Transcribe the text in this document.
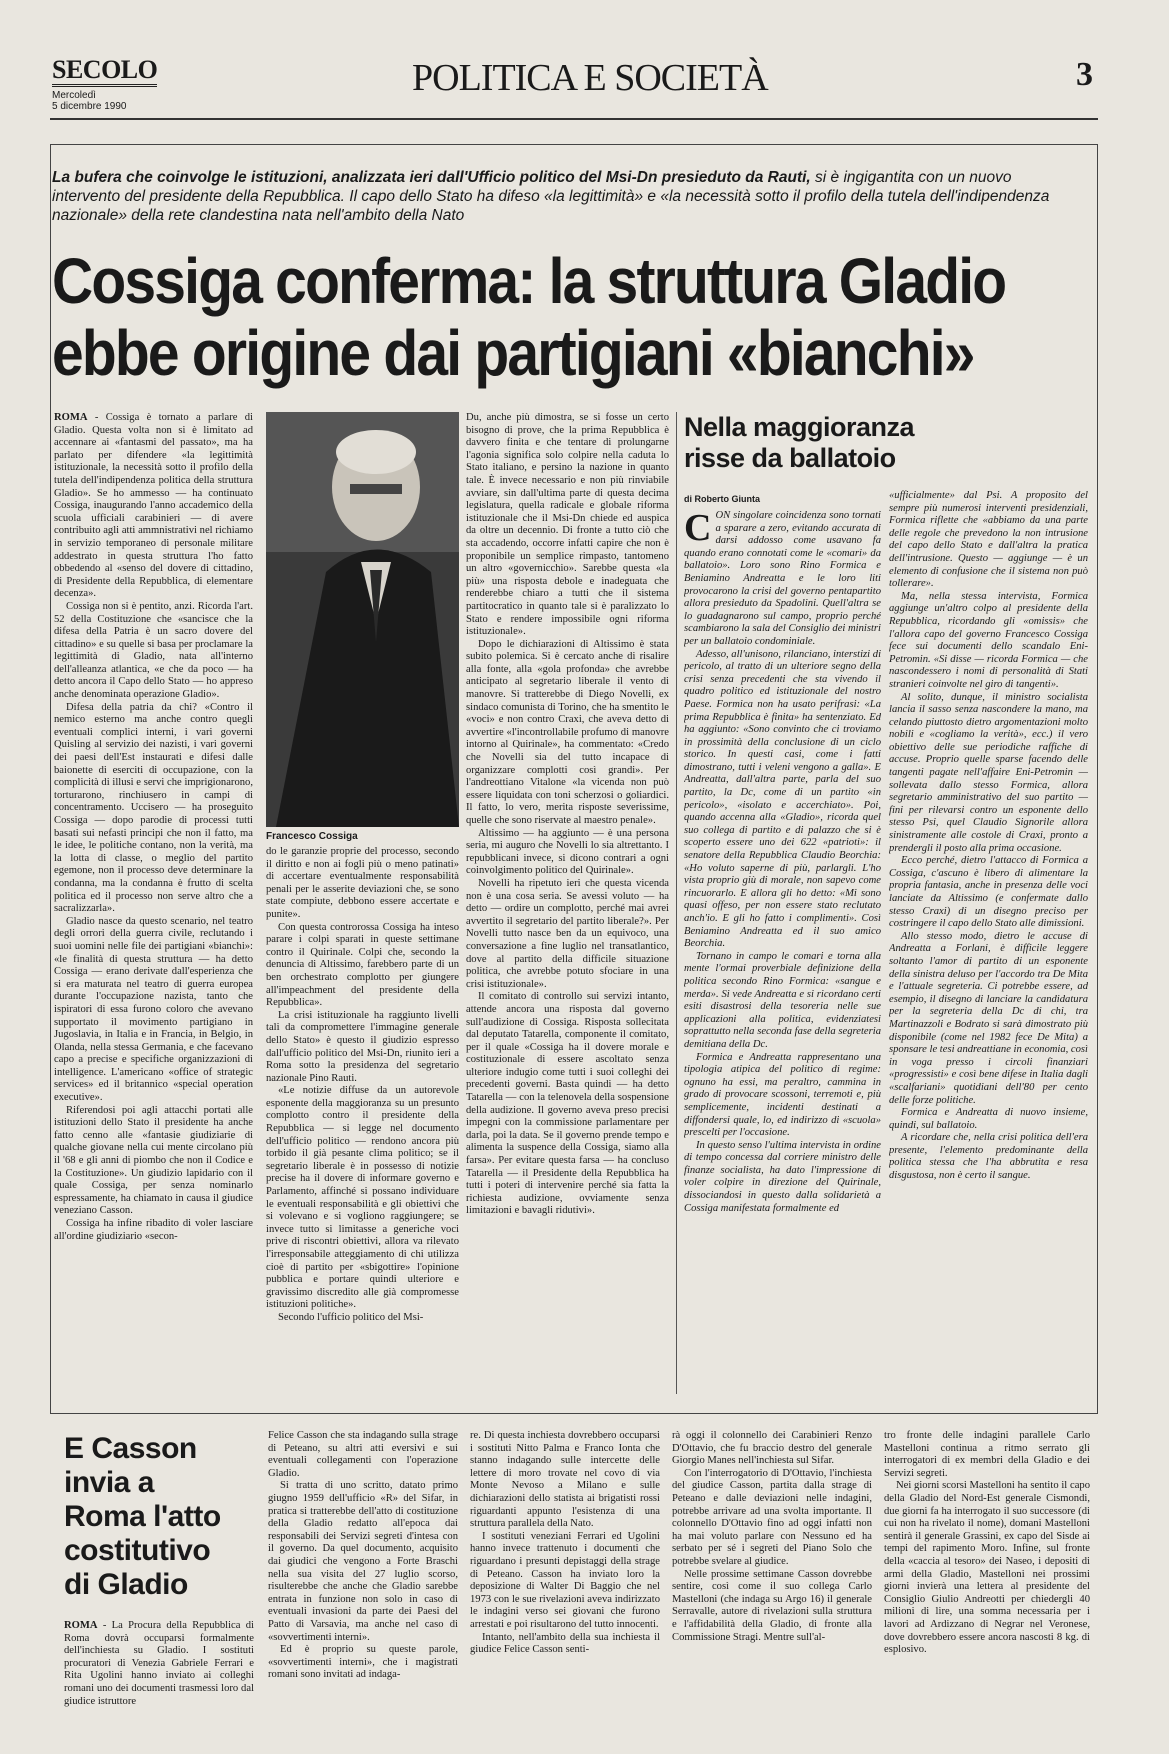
SECOLO
Mercoledì
5 dicembre 1990
POLITICA E SOCIETÀ	3
La bufera che coinvolge le istituzioni, analizzata ieri dall'Ufficio politico del Msi-Dn presieduto da Rauti, si è ingigantita con un nuovo intervento del presidente della Repubblica. Il capo dello Stato ha difeso «la legittimità» e «la necessità sotto il profilo della tutela dell'indipendenza nazionale» della rete clandestina nata nell'ambito della Nato
Cossiga conferma: la struttura Gladio
ebbe origine dai partigiani «bianchi»

ROMA - Cossiga è tornato a parlare di Gladio. Questa volta non si è limitato ad accennare ai «fantasmi del passato», ma ha parlato per difendere «la legittimità istituzionale, la necessità sotto il profilo della tutela dell'indipendenza politica della struttura Gladio». Se ho ammesso — ha continuato Cossiga, inaugurando l'anno accademico della scuola ufficiali carabinieri — di avere contribuito agli atti ammnistrativi nel richiamo in servizio temporaneo di personale militare addestrato in questa struttura l'ho fatto obbedendo al «senso del dovere di cittadino, di Presidente della Repubblica, di elementare decenza».

Cossiga non si è pentito, anzi. Ricorda l'art. 52 della Costituzione che «sancisce che la difesa della Patria è un sacro dovere del cittadino» e su quelle si basa per proclamare la legittimità di Gladio, nata all'interno dell'alleanza atlantica, «e che da poco — ha detto ancora il Capo dello Stato — ho appreso anche denominata operazione Gladio».

Difesa della patria da chi? «Contro il nemico esterno ma anche contro quegli eventuali complici interni, i vari governi Quisling al servizio dei nazisti, i vari governi dei paesi dell'Est instaurati e difesi dalle baionette di eserciti di occupazione, con la complicità di illusi e servi che imprigionarono, torturarono, rinchiusero in campi di concentramento. Uccisero — ha proseguito Cossiga — dopo parodie di processi tutti basati sui nefasti principi che non il fatto, ma le idee, le politiche contano, non la verità, ma la lotta di classe, o meglio del partito egemone, non il processo deve determinare la condanna, ma la condanna è frutto di scelta politica ed il processo non serve altro che a sacralizzarla».

Gladio nasce da questo scenario, nel teatro degli orrori della guerra civile, reclutando i suoi uomini nelle file dei partigiani «bianchi»: «le finalità di questa struttura — ha detto Cossiga — erano derivate dall'esperienza che si era maturata nel teatro di guerra europea durante l'occupazione nazista, tanto che ispiratori di essa furono coloro che avevano supportato il movimento partigiano in Jugoslavia, in Italia e in Francia, in Belgio, in Olanda, nella stessa Germania, e che facevano capo a precise e specifiche organizzazioni di intelligence. L'americano «office of strategic services» ed il britannico «special operation executive».

Riferendosi poi agli attacchi portati alle istituzioni dello Stato il presidente ha anche fatto cenno alle «fantasie giudiziarie di qualche giovane nella cui mente circolano più il '68 e gli anni di piombo che non il Codice e la Costituzione». Un giudizio lapidario con il quale Cossiga, per senza nominarlo espressamente, ha chiamato in causa il giudice veneziano Casson.

Cossiga ha infine ribadito di voler lasciare all'ordine giudiziario «secon-

Francesco Cossiga

Du, anche più dimostra, se si fosse un certo bisogno di prove, che la prima Repubblica è davvero finita e che tentare di prolungarne l'agonia significa solo colpire nella caduta lo Stato italiano, e persino la nazione in quanto tale. È invece necessario e non più rinviabile avviare, sin dall'ultima parte di questa decima legislatura, quella radicale e globale riforma istituzionale che il Msi-Dn chiede ed auspica da oltre un decennio. Di fronte a tutto ciò che sta accadendo, occorre infatti capire che non è proponibile un semplice rimpasto, tantomeno un altro «governicchio». Sarebbe questa «la più» una risposta debole e inadeguata che renderebbe chiaro a tutti che il sistema partitocratico in quanto tale si è paralizzato lo Stato e rendere impossibile ogni riforma istituzionale».

Dopo le dichiarazioni di Altissimo è stata subito polemica. Si è cercato anche di risalire alla fonte, alla «gola profonda» che avrebbe anticipato al segretario liberale il vento di manovre. Si tratterebbe di Diego Novelli, ex sindaco comunista di Torino, che ha smentito le «voci» e non contro Craxi, che aveva detto di avvertire «l'incontrollabile profumo di manovre intorno al Quirinale», ha commentato: «Credo che Novelli sia del tutto incapace di organizzare complotti così grandi». Per l'andreottiano Vitalone «la vicenda non può essere liquidata con toni scherzosi o goliardici. Il fatto, lo vero, merita risposte severissime, quelle che sono riservate al maestro penale».

Altissimo — ha aggiunto — è una persona seria, mi auguro che Novelli lo sia altrettanto. I repubblicani invece, si dicono contrari a ogni coinvolgimento politico del Quirinale».

Novelli ha ripetuto ieri che questa vicenda non è una cosa seria. Se avessi voluto — ha detto — ordire un complotto, perché mai avrei avvertito il segretario del partito liberale?». Per Novelli tutto nasce ben da un equivoco, una conversazione a fine luglio nel transatlantico, dove al partito della difficile situazione politica, che avrebbe potuto sfociare in una crisi istituzionale».

Il comitato di controllo sui servizi intanto, attende ancora una risposta dal governo sull'audizione di Cossiga. Risposta sollecitata dal deputato Tatarella, componente il comitato, per il quale «Cossiga ha il dovere morale e costituzionale di essere ascoltato senza ulteriore indugio come tutti i suoi colleghi dei precedenti governi. Basta quindi — ha detto Tatarella — con la telenovela della sospensione della audizione. Il governo aveva preso precisi impegni con la commissione parlamentare per darla, poi la data. Se il governo prende tempo e alimenta la suspence della Cossiga, siamo alla farsa». Per evitare questa farsa — ha concluso Tatarella — il Presidente della Repubblica ha tutti i poteri di intervenire perché sia fatta la richiesta audizione, ovviamente senza limitazioni e bavagli ridutivi».

do le garanzie proprie del processo, secondo il diritto e non ai fogli più o meno patinati» di accertare eventualmente responsabilità penali per le asserite deviazioni che, se sono state compiute, debbono essere accertate e punite».

Con questa controrossa Cossiga ha inteso parare i colpi sparati in queste settimane contro il Quirinale. Colpi che, secondo la denuncia di Altissimo, farebbero parte di un ben orchestrato complotto per giungere all'impeachment del presidente della Repubblica».

La crisi istituzionale ha raggiunto livelli tali da compromettere l'immagine generale dello Stato» è questo il giudizio espresso dall'ufficio politico del Msi-Dn, riunito ieri a Roma sotto la presidenza del segretario nazionale Pino Rauti.

«Le notizie diffuse da un autorevole esponente della maggioranza su un presunto complotto contro il presidente della Repubblica — si legge nel documento dell'ufficio politico — rendono ancora più torbido il già pesante clima politico; se il segretario liberale è in possesso di notizie precise ha il dovere di informare governo e Parlamento, affinché si possano individuare le eventuali responsabilità e gli obiettivi che si volevano e si vogliono raggiungere; se invece tutto si limitasse a generiche voci prive di riscontri obiettivi, allora va rilevato l'irresponsabile atteggiamento di chi utilizza cioè di partito per «sbigottire» l'opinione pubblica e portare quindi ulteriore e gravissimo discredito alle già compromesse istituzioni politiche».

Secondo l'ufficio politico del Msi-

Nella maggioranza
risse da ballatoio
di Roberto Giunta

CON singolare coincidenza sono tornati a sparare a zero, evitando accurata di darsi addosso come usavano fa quando erano connotati come le «comari» da ballatoio». Loro sono Rino Formica e Beniamino Andreatta e le loro liti provocarono la crisi del governo pentapartito allora presieduto da Spadolini. Quell'altra se lo guadagnarono sul campo, proprio perché scambiarono la sala del Consiglio dei ministri per un ballatoio condominiale.

Adesso, all'unisono, rilanciano, interstizi di pericolo, al tratto di un ulteriore segno della crisi senza precedenti che sta vivendo il quadro politico ed istituzionale del nostro Paese. Formica non ha usato perifrasi: «La prima Repubblica è finita» ha sentenziato. Ed ha aggiunto: «Sono convinto che ci troviamo in prossimità della conclusione di un ciclo storico. In questi casi, come i fatti dimostrano, tutti i veleni vengono a galla». E Andreatta, dall'altra parte, parla del suo partito, la Dc, come di un partito «in pericolo», «isolato e accerchiato». Poi, quando accenna alla «Gladio», ricorda quel suo collega di partito e di palazzo che si è scoperto essere uno dei 622 «patrioti»: il senatore della Repubblica Claudio Beorchia: «Ho voluto saperne di più, parlargli. L'ho vista proprio giù di morale, non sapevo come rincuorarlo. E allora gli ho detto: «Mi sono quasi offeso, per non essere stato reclutato anch'io. E gli ho fatto i complimenti». Così Beniamino Andreatta ed il suo amico Beorchia.

Tornano in campo le comari e torna alla mente l'ormai proverbiale definizione della politica secondo Rino Formica: «sangue e merda». Si vede Andreatta e si ricordano certi esiti disastrosi della tesoreria nelle sue applicazioni alla politica, evidenziatesi soprattutto nella seconda fase della segreteria demitiana della Dc.

Formica e Andreatta rappresentano una tipologia atipica del politico di regime: ognuno ha essi, ma peraltro, cammina in grado di provocare scossoni, terremoti e, più semplicemente, incidenti destinati a diffondersi quale, lo, ed indirizzo di «scuola» prescelti per l'occasione.

In questo senso l'ultima intervista in ordine di tempo concessa dal corriere ministro delle finanze socialista, ha dato l'impressione di voler colpire in direzione del Quirinale, dissociandosi in questo dalla solidarietà a Cossiga manifestata formalmente ed

«ufficialmente» dal Psi. A proposito del sempre più numerosi interventi presidenziali, Formica riflette che «abbiamo da una parte delle regole che prevedono la non intrusione del capo dello Stato e dall'altra la pratica dell'intrusione. Questo — aggiunge — è un elemento di confusione che il sistema non può tollerare».

Ma, nella stessa intervista, Formica aggiunge un'altro colpo al presidente della Repubblica, ricordando gli «omissis» che l'allora capo del governo Francesco Cossiga fece sui documenti dello scandalo Eni-Petromin. «Si disse — ricorda Formica — che nascondessero i nomi di personalità di Stati stranieri coinvolte nel giro di tangenti».

Al solito, dunque, il ministro socialista lancia il sasso senza nascondere la mano, ma celando piuttosto dietro argomentazioni molto nobili e «cogliamo la verità», ecc.) il vero obiettivo delle sue periodiche raffiche di accuse. Proprio quelle sparse facendo delle tangenti pagate nell'affaire Eni-Petromin — sollevata dallo stesso Formica, allora segretario amministrativo del suo partito — fini per rilevarsi contro un esponente dello stesso Psi, quel Claudio Signorile allora sinistramente alle costole di Craxi, pronto a prendergli il posto alla prima occasione.

Ecco perché, dietro l'attacco di Formica a Cossiga, c'ascuno è libero di alimentare la propria fantasia, anche in presenza delle voci lanciate da Altissimo (e confermate dallo stesso Craxi) di un disegno preciso per costringere il capo dello Stato alle dimissioni.

Allo stesso modo, dietro le accuse di Andreatta a Forlani, è difficile leggere soltanto l'amor di partito di un esponente della sinistra deluso per l'accordo tra De Mita e l'attuale segreteria. Ci potrebbe essere, ad esempio, il disegno di lanciare la candidatura per la segreteria della Dc di chi, tra Martinazzoli e Bodrato si sarà dimostrato più disponibile (come nel 1982 fece De Mita) a sponsare le tesi andreattiane in economia, così in voga presso i circoli finanziari «progressisti» e così bene difese in Italia dagli «scalfariani» quotidiani dell'80 per cento delle forze politiche.

Formica e Andreatta di nuovo insieme, quindi, sul ballatoio.

A ricordare che, nella crisi politica dell'era presente, l'elemento predominante della politica stessa che l'ha abbrutita e resa disgustosa, non è certo il sangue.

E Casson
invia a
Roma l'atto
costitutivo
di Gladio

ROMA - La Procura della Repubblica di Roma dovrà occuparsi formalmente dell'inchiesta su Gladio. I sostituti procuratori di Venezia Gabriele Ferrari e Rita Ugolini hanno inviato ai colleghi romani uno dei documenti trasmessi loro dal giudice istruttore

Felice Casson che sta indagando sulla strage di Peteano, su altri atti eversivi e sui eventuali collegamenti con l'operazione Gladio.

Si tratta di uno scritto, datato primo giugno 1959 dell'ufficio «R» del Sifar, in pratica si tratterebbe dell'atto di costituzione della Gladio redatto all'epoca dai responsabili dei Servizi segreti d'intesa con il governo. Da quel documento, acquisito dai giudici che vengono a Forte Braschi nella sua visita del 27 luglio scorso, risulterebbe che anche che Gladio sarebbe entrata in funzione non solo in caso di eventuali invasioni da parte dei Paesi del Patto di Varsavia, ma anche nel caso di «sovvertimenti interni».

Ed è proprio su queste parole, «sovvertimenti interni», che i magistrati romani sono invitati ad indaga-

re. Di questa inchiesta dovrebbero occuparsi i sostituti Nitto Palma e Franco Ionta che stanno indagando sulle intercette delle lettere di moro trovate nel covo di via Monte Nevoso a Milano e sulle dichiarazioni dello statista ai brigatisti rossi riguardanti appunto l'esistenza di una struttura parallela della Nato.

I sostituti veneziani Ferrari ed Ugolini hanno invece trattenuto i documenti che riguardano i presunti depistaggi della strage di Peteano. Casson ha inviato loro la deposizione di Walter Di Baggio che nel 1973 con le sue rivelazioni aveva indirizzato le indagini verso sei giovani che furono arrestati e poi risultarono del tutto innocenti.

Intanto, nell'ambito della sua inchiesta il giudice Felice Casson senti-

rà oggi il colonnello dei Carabinieri Renzo D'Ottavio, che fu braccio destro del generale Giorgio Manes nell'inchiesta sul Sifar.

Con l'interrogatorio di D'Ottavio, l'inchiesta del giudice Casson, partita dalla strage di Peteano e dalle deviazioni nelle indagini, potrebbe arrivare ad una svolta importante. Il colonnello D'Ottavio fino ad oggi infatti non ha mai voluto parlare con Nessuno ed ha serbato per sé i segreti del Piano Solo che potrebbe svelare al giudice.

Nelle prossime settimane Casson dovrebbe sentire, così come il suo collega Carlo Mastelloni (che indaga su Argo 16) il generale Serravalle, autore di rivelazioni sulla struttura e l'affidabilità della Gladio, di fronte alla Commissione Stragi. Mentre sull'al-

tro fronte delle indagini parallele Carlo Mastelloni continua a ritmo serrato gli interrogatori di ex membri della Gladio e dei Servizi segreti.

Nei giorni scorsi Mastelloni ha sentito il capo della Gladio del Nord-Est generale Cismondi, due giorni fa ha interrogato il suo successore (di cui non ha rivelato il nome), domani Mastelloni sentirà il generale Grassini, ex capo del Sisde ai tempi del rapimento Moro. Infine, sul fronte della «caccia al tesoro» dei Naseo, i depositi di armi della Gladio, Mastelloni nei prossimi giorni invierà una lettera al presidente del Consiglio Giulio Andreotti per chiedergli 40 milioni di lire, una somma necessaria per i lavori ad Ardizzano di Negrar nel Veronese, dove dovrebbero essere ancora nascosti 8 kg. di esplosivo.
